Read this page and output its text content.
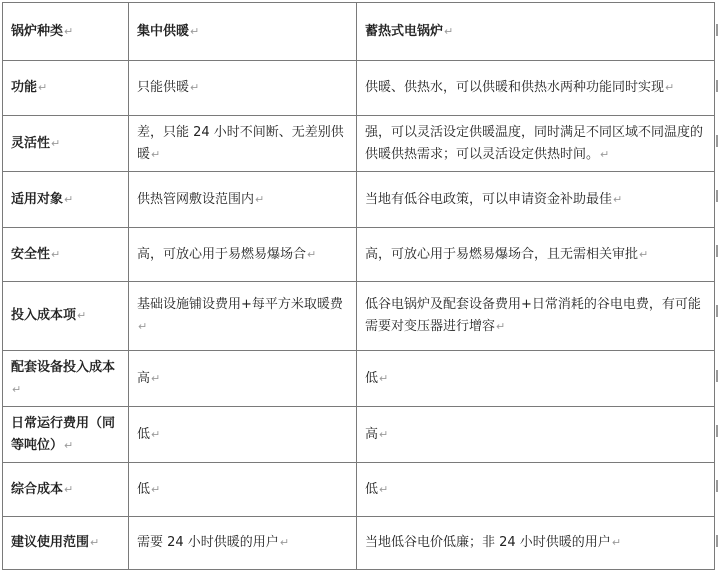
锅炉种类↵	集中供暖↵	蓄热式电锅炉↵
功能↵	只能供暖↵	供暖、供热水，可以供暖和供热水两种功能同时实现↵
灵活性↵	差，只能 24 小时不间断、无差别供暖↵	强，可以灵活设定供暖温度，同时满足不同区域不同温度的供暖供热需求；可以灵活设定供热时间。↵
适用对象↵	供热管网敷设范围内↵	当地有低谷电政策，可以申请资金补助最佳↵
安全性↵	高，可放心用于易燃易爆场合↵	高，可放心用于易燃易爆场合，且无需相关审批↵
投入成本项↵	基础设施铺设费用+每平方米取暖费↵	低谷电锅炉及配套设备费用+日常消耗的谷电电费，有可能需要对变压器进行增容↵
配套设备投入成本↵	高↵	低↵
日常运行费用（同等吨位）↵	低↵	高↵
综合成本↵	低↵	低↵
建议使用范围↵	需要 24 小时供暖的用户↵	当地低谷电价低廉；非 24 小时供暖的用户↵
